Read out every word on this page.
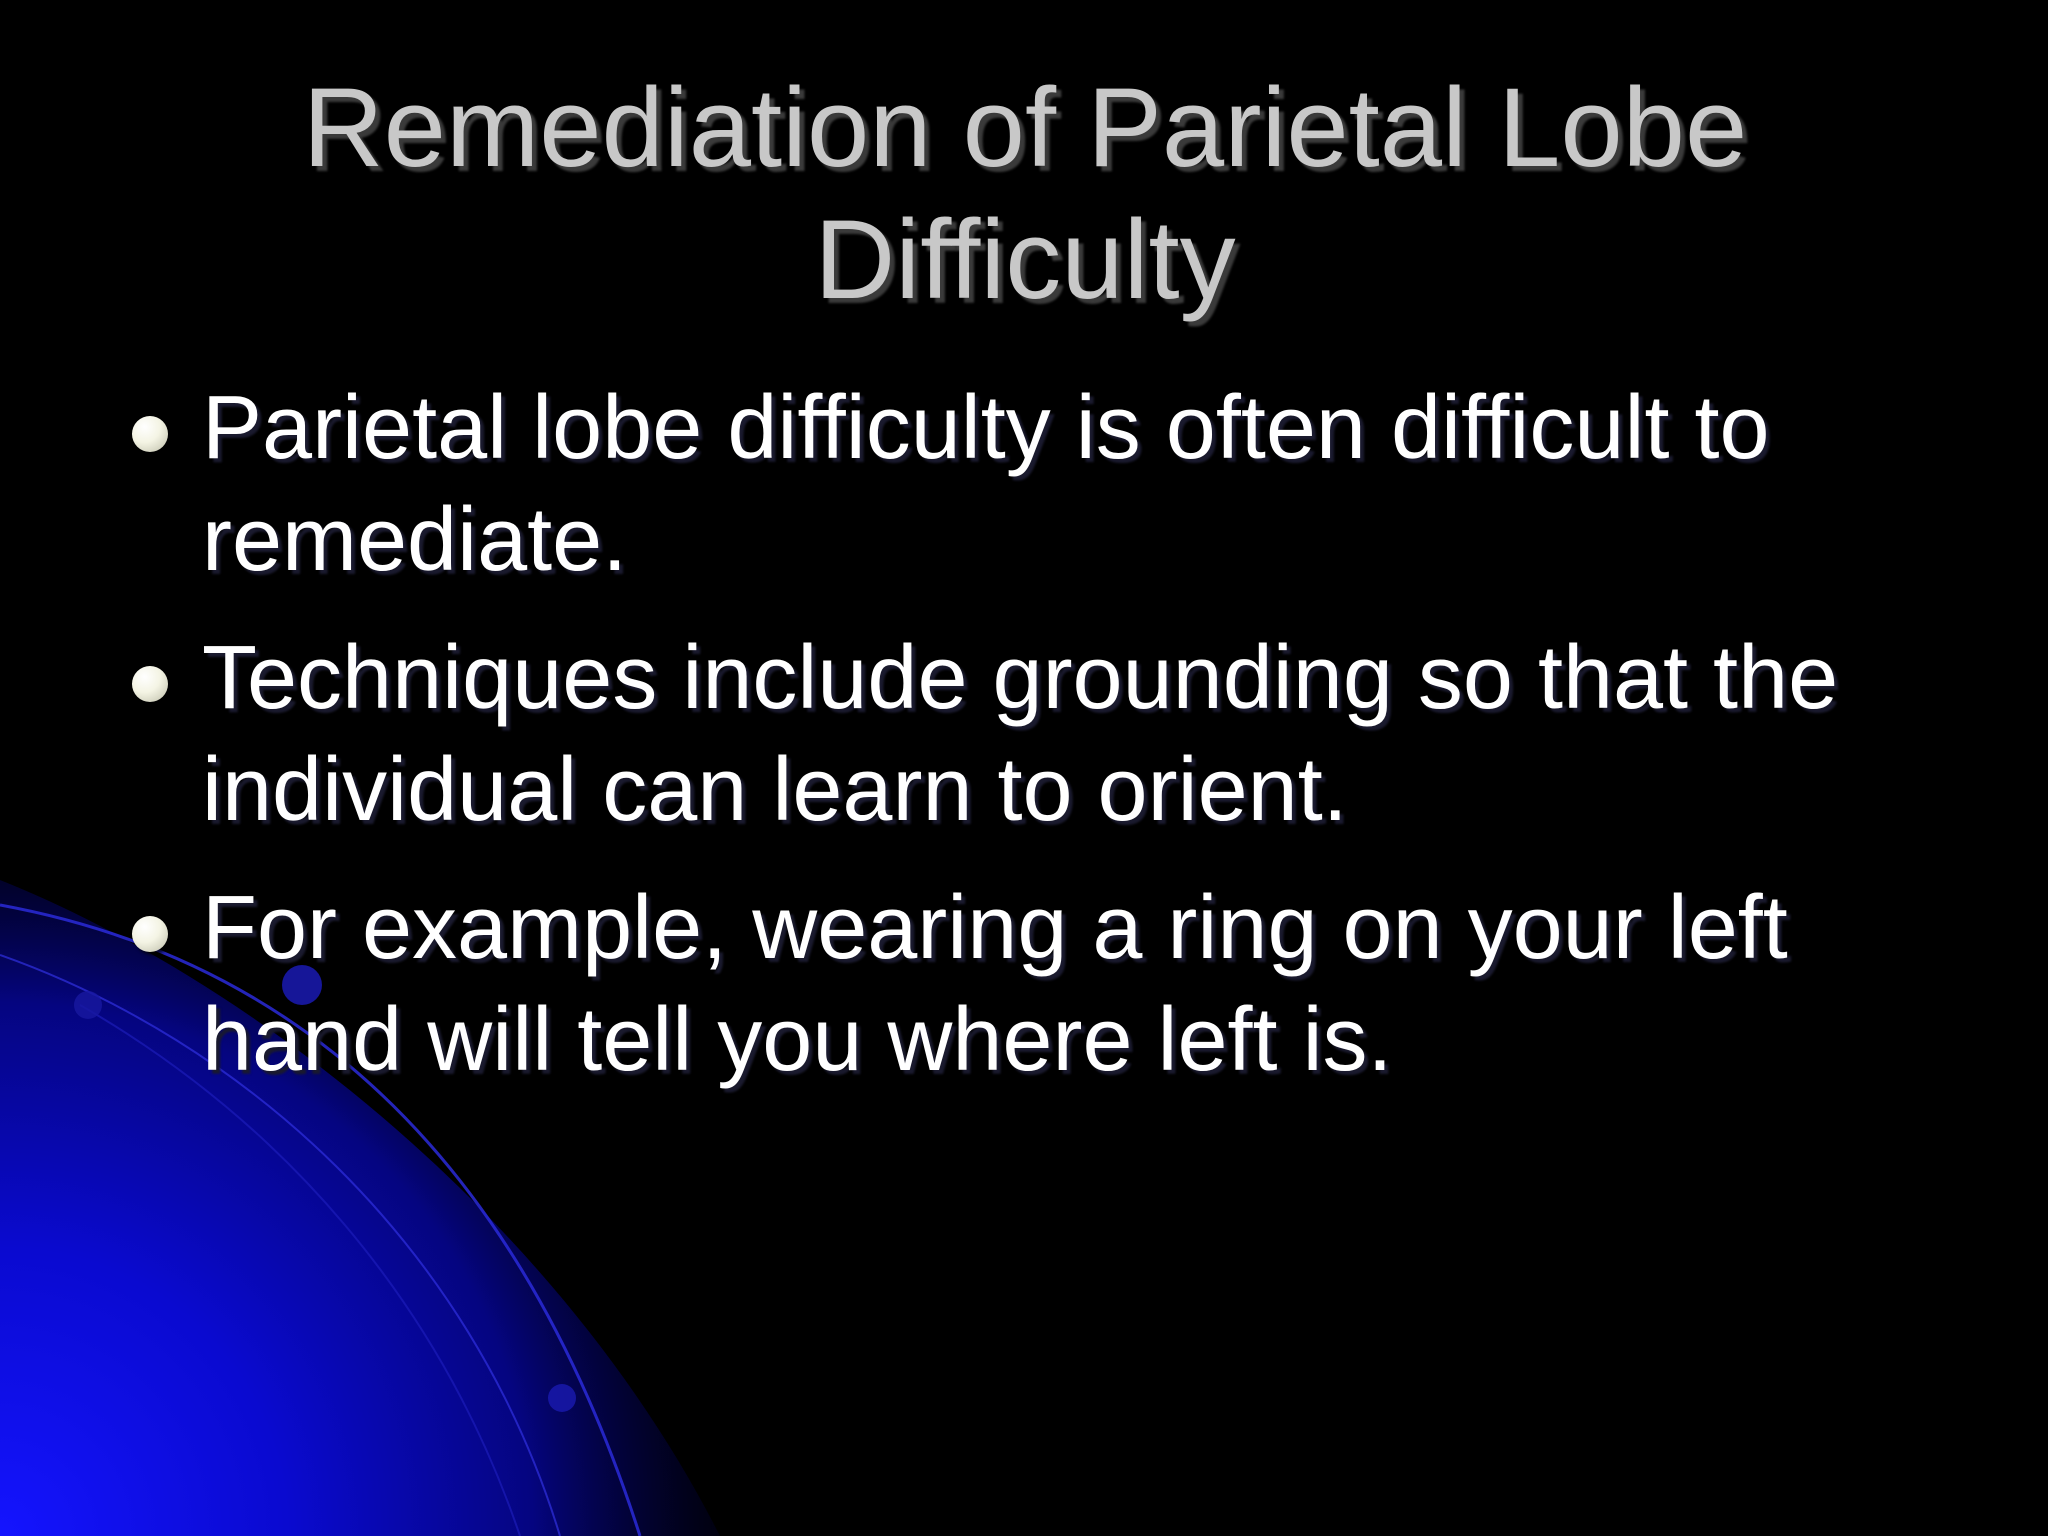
Remediation of Parietal Lobe Difficulty
Parietal lobe difficulty is often difficult to remediate.
Techniques include grounding so that the individual can learn to orient.
For example, wearing a ring on your left hand will tell you where left is.
